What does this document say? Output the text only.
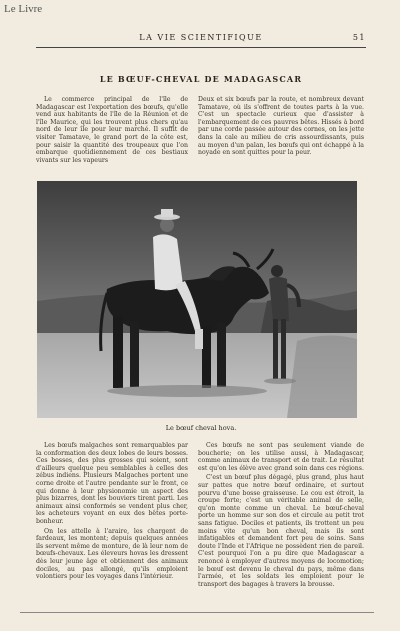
Le Livre
LA VIE SCIENTIFIQUE	51
LE BŒUF-CHEVAL DE MADAGASCAR

Le commerce principal de l'île de Madagascar est l'exportation des bœufs, qu'elle vend aux habitants de l'île de la Réunion et de l'île Maurice, qui les trouvent plus chers qu'au nord de leur île pour leur marché. Il suffit de visiter Tamatave, le grand port de la côte est, pour saisir la quantité des troupeaux que l'on embarque quotidiennement de ces bestiaux vivants sur les vapeurs

Deux et six bœufs par la route, et nombreux devant Tamatave, où ils s'offrent de toutes parts à la vue. C'est un spectacle curieux que d'assister à l'embarquement de ces pauvres bêtes. Hissés à bord par une corde passée autour des cornes, on les jette dans la cale au milieu de cris assourdissants, puis au moyen d'un palan, les bœufs qui ont échappé à la noyade en sont quittes pour la peur.

Le bœuf cheval hova.

Les bœufs malgaches sont remarquables par la conformation des deux lobes de leurs bosses. Ces bosses, des plus grosses qui soient, sont d'ailleurs quelque peu semblables à celles des zébus indiens. Plusieurs Malgaches portent une corne droite et l'autre pendante sur le front, ce qui donne à leur physionomie un aspect des plus bizarres, dont les bouviers tirent parti. Les animaux ainsi conformés se vendent plus cher, les acheteurs voyant en eux des bêtes porte-bonheur.

On les attelle à l'araire, les chargent de fardeaux, les montent; depuis quelques années ils servent même de monture, de là leur nom de bœufs-chevaux. Les éleveurs hovas les dressent dès leur jeune âge et obtiennent des animaux dociles, au pas allongé, qu'ils emploient volontiers pour les voyages dans l'intérieur.

Ces bœufs ne sont pas seulement viande de boucherie; on les utilise aussi, à Madagascar, comme animaux de transport et de trait. Le résultat est qu'on les élève avec grand soin dans ces régions.

C'est un bœuf plus dégagé, plus grand, plus haut sur pattes que notre bœuf ordinaire, et surtout pourvu d'une bosse graisseuse. Le cou est étroit, la croupe forte; c'est un véritable animal de selle, qu'on monte comme un cheval. Le bœuf-cheval porte un homme sur son dos et circule au petit trot sans fatigue. Dociles et patients, ils trottent un peu moins vite qu'un bon cheval, mais ils sont infatigables et demandent fort peu de soins. Sans doute l'Inde et l'Afrique ne possèdent rien de pareil. C'est pourquoi l'on a pu dire que Madagascar a renoncé à employer d'autres moyens de locomotion; le bœuf est devenu le cheval du pays, même dans l'armée, et les soldats les emploient pour le transport des bagages à travers la brousse.
